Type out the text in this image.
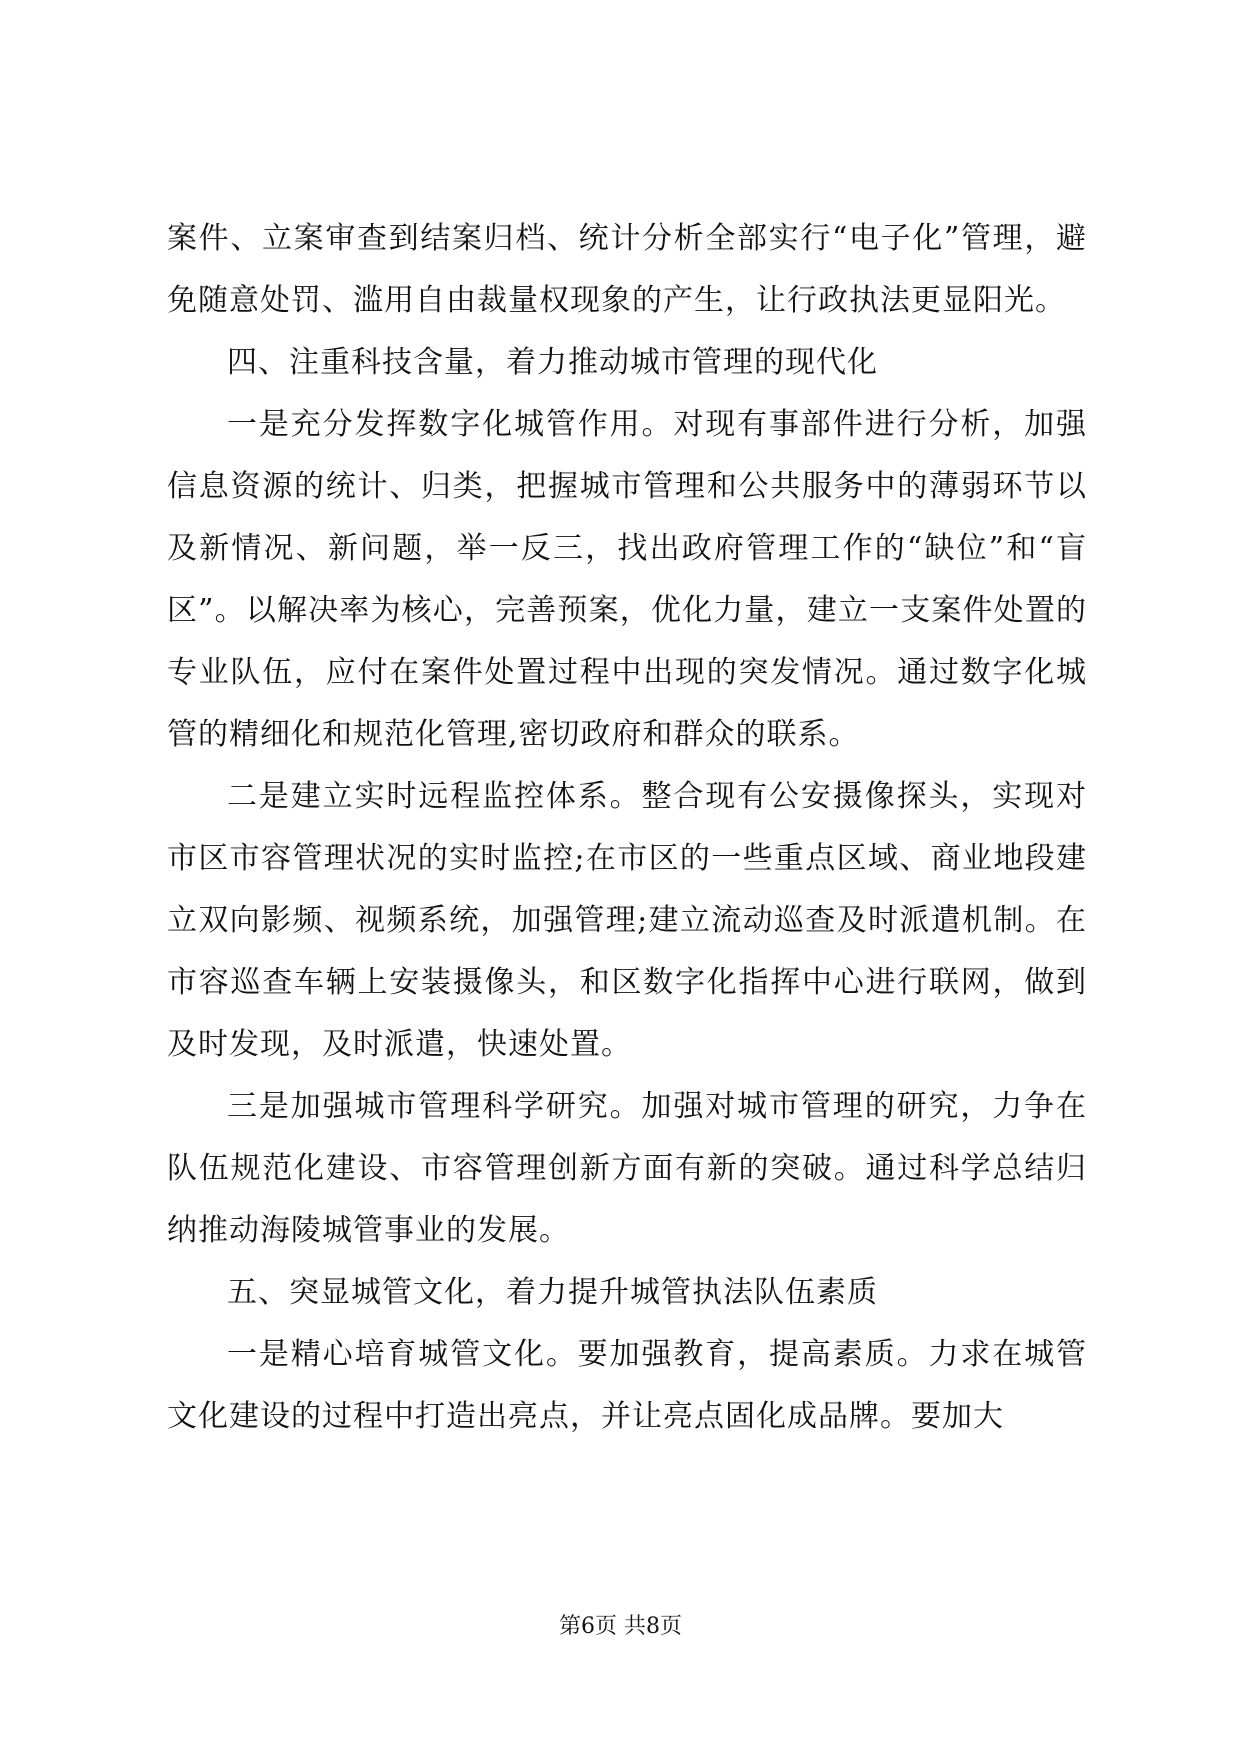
案件、立案审查到结案归档、统计分析全部实行“电子化”管理，避免随意处罚、滥用自由裁量权现象的产生，让行政执法更显阳光。

四、注重科技含量，着力推动城市管理的现代化

一是充分发挥数字化城管作用。对现有事部件进行分析，加强信息资源的统计、归类，把握城市管理和公共服务中的薄弱环节以及新情况、新问题，举一反三，找出政府管理工作的“缺位”和“盲区”。以解决率为核心，完善预案，优化力量，建立一支案件处置的专业队伍，应付在案件处置过程中出现的突发情况。通过数字化城管的精细化和规范化管理,密切政府和群众的联系。

二是建立实时远程监控体系。整合现有公安摄像探头，实现对市区市容管理状况的实时监控;在市区的一些重点区域、商业地段建立双向影频、视频系统，加强管理;建立流动巡查及时派遣机制。在市容巡查车辆上安装摄像头，和区数字化指挥中心进行联网，做到及时发现，及时派遣，快速处置。

三是加强城市管理科学研究。加强对城市管理的研究，力争在队伍规范化建设、市容管理创新方面有新的突破。通过科学总结归纳推动海陵城管事业的发展。

五、突显城管文化，着力提升城管执法队伍素质

一是精心培育城管文化。要加强教育，提高素质。力求在城管文化建设的过程中打造出亮点，并让亮点固化成品牌。要加大

第6页 共8页
